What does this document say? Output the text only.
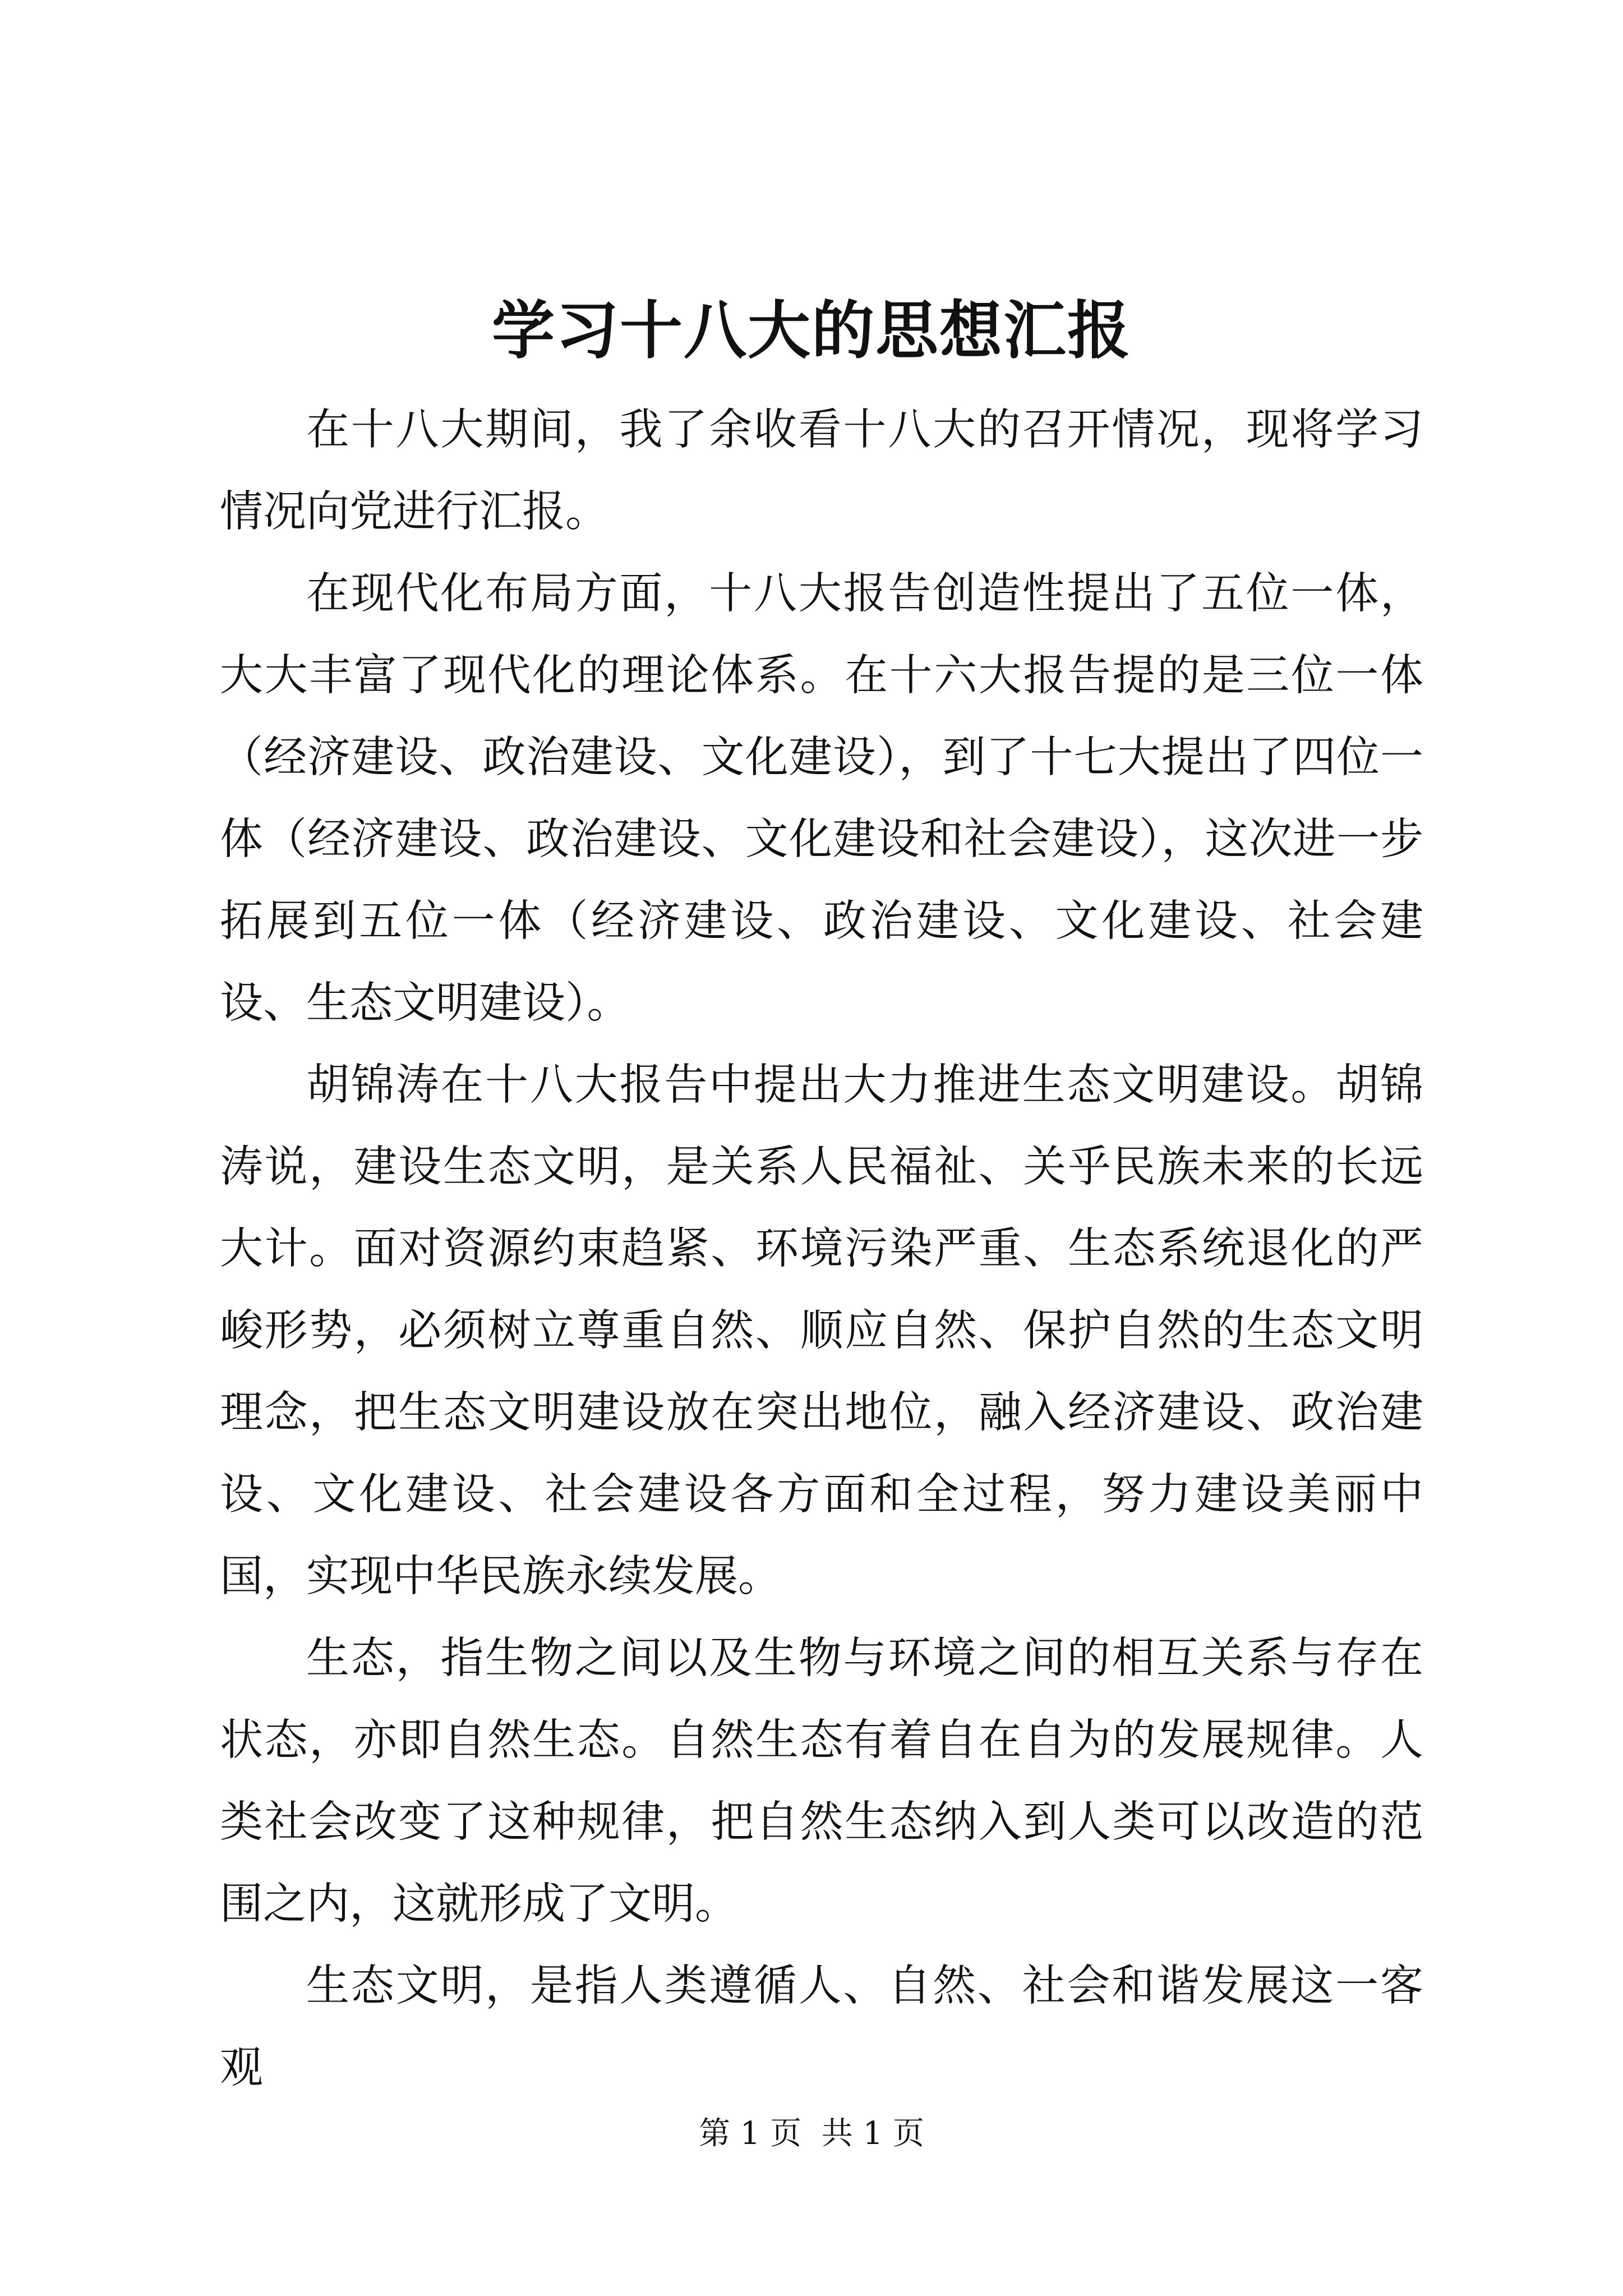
学习十八大的思想汇报

在十八大期间，我了余收看十八大的召开情况，现将学习情况向党进行汇报。

在现代化布局方面，十八大报告创造性提出了五位一体，大大丰富了现代化的理论体系。在十六大报告提的是三位一体（经济建设、政治建设、文化建设），到了十七大提出了四位一体（经济建设、政治建设、文化建设和社会建设），这次进一步拓展到五位一体（经济建设、政治建设、文化建设、社会建设、生态文明建设）。

胡锦涛在十八大报告中提出大力推进生态文明建设。胡锦涛说，建设生态文明，是关系人民福祉、关乎民族未来的长远大计。面对资源约束趋紧、环境污染严重、生态系统退化的严峻形势，必须树立尊重自然、顺应自然、保护自然的生态文明理念，把生态文明建设放在突出地位，融入经济建设、政治建设、文化建设、社会建设各方面和全过程，努力建设美丽中国，实现中华民族永续发展。

生态，指生物之间以及生物与环境之间的相互关系与存在状态，亦即自然生态。自然生态有着自在自为的发展规律。人类社会改变了这种规律，把自然生态纳入到人类可以改造的范围之内，这就形成了文明。

生态文明，是指人类遵循人、自然、社会和谐发展这一客观

第 1 页 共 1 页
